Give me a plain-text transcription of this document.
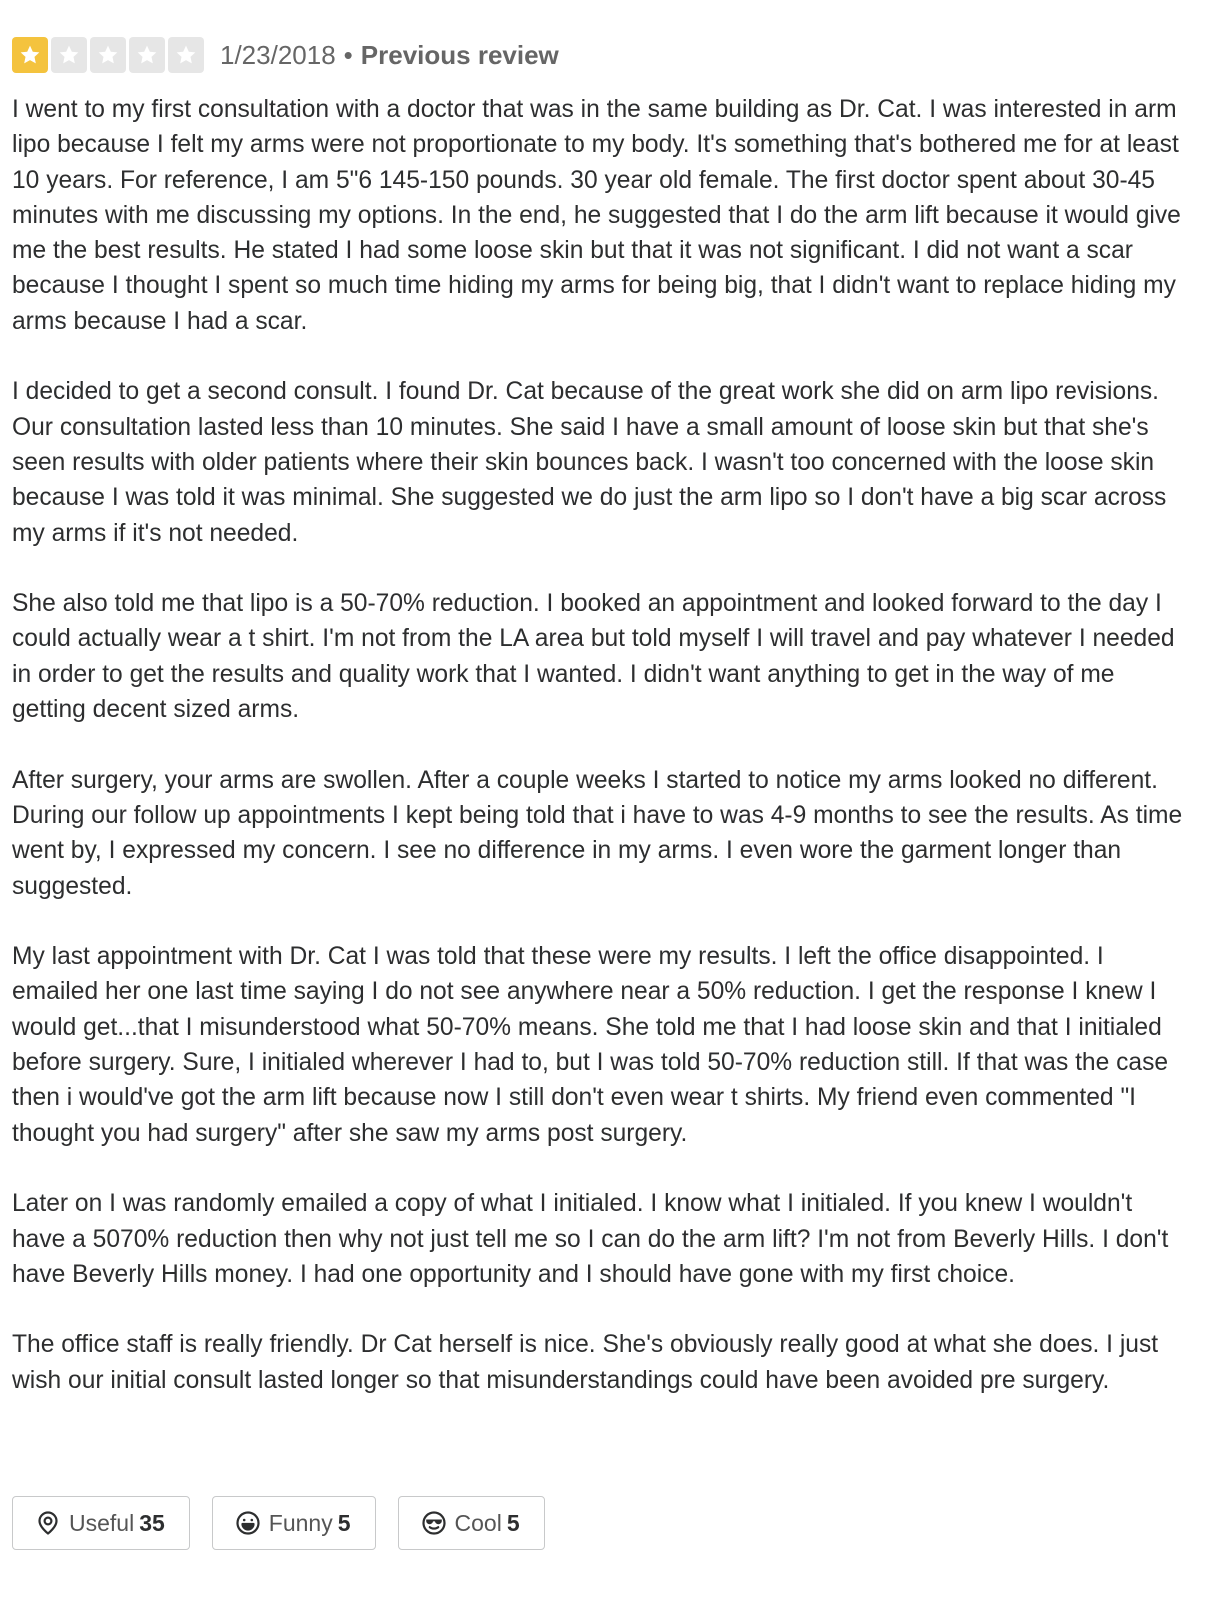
1/23/2018 • Previous review

I went to my first consultation with a doctor that was in the same building as Dr. Cat. I was interested in arm lipo because I felt my arms were not proportionate to my body. It's something that's bothered me for at least 10 years. For reference, I am 5"6 145-150 pounds. 30 year old female. The first doctor spent about 30-45 minutes with me discussing my options. In the end, he suggested that I do the arm lift because it would give me the best results. He stated I had some loose skin but that it was not significant. I did not want a scar because I thought I spent so much time hiding my arms for being big, that I didn't want to replace hiding my arms because I had a scar.

I decided to get a second consult. I found Dr. Cat because of the great work she did on arm lipo revisions. Our consultation lasted less than 10 minutes. She said I have a small amount of loose skin but that she's seen results with older patients where their skin bounces back. I wasn't too concerned with the loose skin because I was told it was minimal. She suggested we do just the arm lipo so I don't have a big scar across my arms if it's not needed.

She also told me that lipo is a 50-70% reduction. I booked an appointment and looked forward to the day I could actually wear a t shirt. I'm not from the LA area but told myself I will travel and pay whatever I needed in order to get the results and quality work that I wanted. I didn't want anything to get in the way of me getting decent sized arms.

After surgery, your arms are swollen. After a couple weeks I started to notice my arms looked no different. During our follow up appointments I kept being told that i have to was 4-9 months to see the results. As time went by, I expressed my concern. I see no difference in my arms. I even wore the garment longer than suggested.

My last appointment with Dr. Cat I was told that these were my results. I left the office disappointed. I emailed her one last time saying I do not see anywhere near a 50% reduction. I get the response I knew I would get...that I misunderstood what 50-70% means. She told me that I had loose skin and that I initialed before surgery. Sure, I initialed wherever I had to, but I was told 50-70% reduction still. If that was the case then i would've got the arm lift because now I still don't even wear t shirts. My friend even commented "I thought you had surgery" after she saw my arms post surgery.

Later on I was randomly emailed a copy of what I initialed. I know what I initialed. If you knew I wouldn't have a 5070% reduction then why not just tell me so I can do the arm lift? I'm not from Beverly Hills. I don't have Beverly Hills money. I had one opportunity and I should have gone with my first choice.

The office staff is really friendly. Dr Cat herself is nice. She's obviously really good at what she does. I just wish our initial consult lasted longer so that misunderstandings could have been avoided pre surgery.

Useful 35	Funny 5	Cool 5
